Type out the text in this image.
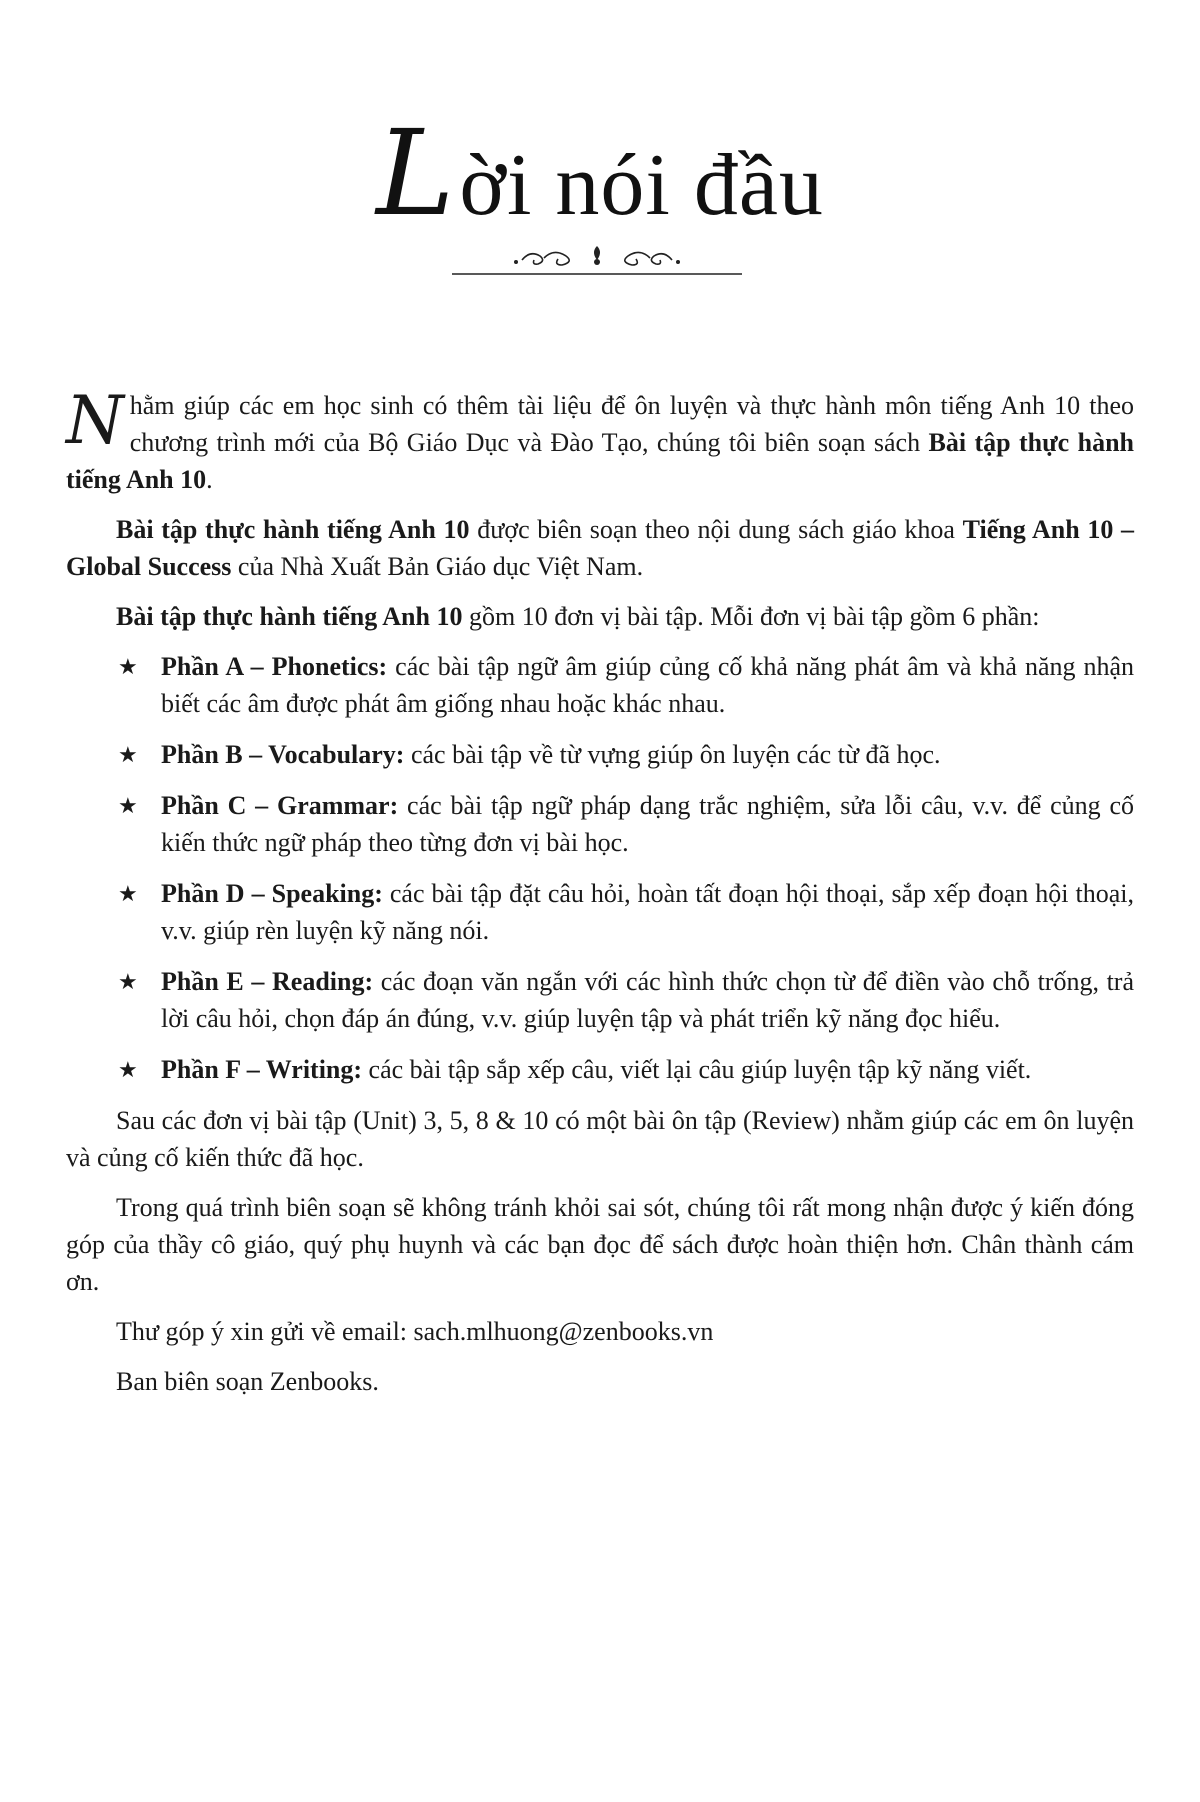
Lời nói đầu

Nhằm giúp các em học sinh có thêm tài liệu để ôn luyện và thực hành môn tiếng Anh 10 theo chương trình mới của Bộ Giáo Dục và Đào Tạo, chúng tôi biên soạn sách Bài tập thực hành tiếng Anh 10.

Bài tập thực hành tiếng Anh 10 được biên soạn theo nội dung sách giáo khoa Tiếng Anh 10 – Global Success của Nhà Xuất Bản Giáo dục Việt Nam.

Bài tập thực hành tiếng Anh 10 gồm 10 đơn vị bài tập. Mỗi đơn vị bài tập gồm 6 phần:

★ Phần A – Phonetics: các bài tập ngữ âm giúp củng cố khả năng phát âm và khả năng nhận biết các âm được phát âm giống nhau hoặc khác nhau.
★ Phần B – Vocabulary: các bài tập về từ vựng giúp ôn luyện các từ đã học.
★ Phần C – Grammar: các bài tập ngữ pháp dạng trắc nghiệm, sửa lỗi câu, v.v. để củng cố kiến thức ngữ pháp theo từng đơn vị bài học.
★ Phần D – Speaking: các bài tập đặt câu hỏi, hoàn tất đoạn hội thoại, sắp xếp đoạn hội thoại, v.v. giúp rèn luyện kỹ năng nói.
★ Phần E – Reading: các đoạn văn ngắn với các hình thức chọn từ để điền vào chỗ trống, trả lời câu hỏi, chọn đáp án đúng, v.v. giúp luyện tập và phát triển kỹ năng đọc hiểu.
★ Phần F – Writing: các bài tập sắp xếp câu, viết lại câu giúp luyện tập kỹ năng viết.

Sau các đơn vị bài tập (Unit) 3, 5, 8 & 10 có một bài ôn tập (Review) nhằm giúp các em ôn luyện và củng cố kiến thức đã học.

Trong quá trình biên soạn sẽ không tránh khỏi sai sót, chúng tôi rất mong nhận được ý kiến đóng góp của thầy cô giáo, quý phụ huynh và các bạn đọc để sách được hoàn thiện hơn. Chân thành cám ơn.

Thư góp ý xin gửi về email: sach.mlhuong@zenbooks.vn

Ban biên soạn Zenbooks.
